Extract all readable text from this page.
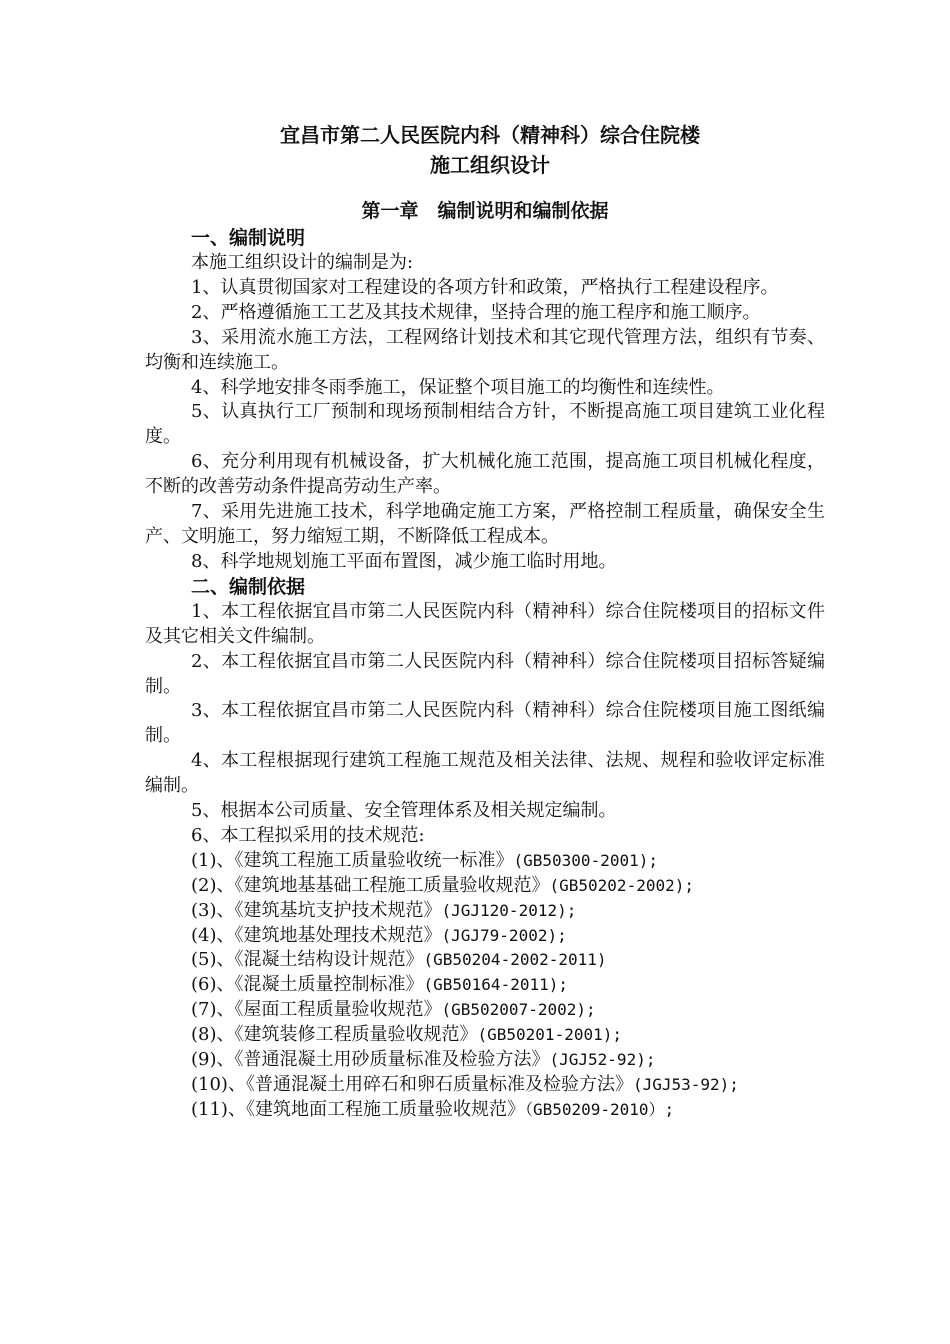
宜昌市第二人民医院内科（精神科）综合住院楼
施工组织设计
第一章　编制说明和编制依据
一、编制说明

本施工组织设计的编制是为:

1、认真贯彻国家对工程建设的各项方针和政策，严格执行工程建设程序。

2、严格遵循施工工艺及其技术规律，坚持合理的施工程序和施工顺序。

3、采用流水施工方法，工程网络计划技术和其它现代管理方法，组织有节奏、均衡和连续施工。

4、科学地安排冬雨季施工，保证整个项目施工的均衡性和连续性。

5、认真执行工厂预制和现场预制相结合方针，不断提高施工项目建筑工业化程度。

6、充分利用现有机械设备，扩大机械化施工范围，提高施工项目机械化程度，不断的改善劳动条件提高劳动生产率。

7、采用先进施工技术，科学地确定施工方案，严格控制工程质量，确保安全生产、文明施工，努力缩短工期，不断降低工程成本。

8、科学地规划施工平面布置图，减少施工临时用地。

二、编制依据

1、本工程依据宜昌市第二人民医院内科（精神科）综合住院楼项目的招标文件及其它相关文件编制。

2、本工程依据宜昌市第二人民医院内科（精神科）综合住院楼项目招标答疑编制。

3、本工程依据宜昌市第二人民医院内科（精神科）综合住院楼项目施工图纸编制。

4、本工程根据现行建筑工程施工规范及相关法律、法规、规程和验收评定标准编制。

5、根据本公司质量、安全管理体系及相关规定编制。

6、本工程拟采用的技术规范:

(1)、《建筑工程施工质量验收统一标准》(GB50300-2001);

(2)、《建筑地基基础工程施工质量验收规范》(GB50202-2002);

(3)、《建筑基坑支护技术规范》(JGJ120-2012);

(4)、《建筑地基处理技术规范》(JGJ79-2002);

(5)、《混凝土结构设计规范》(GB50204-2002-2011)

(6)、《混凝土质量控制标准》(GB50164-2011);

(7)、《屋面工程质量验收规范》(GB502007-2002);

(8)、《建筑装修工程质量验收规范》(GB50201-2001);

(9)、《普通混凝土用砂质量标准及检验方法》(JGJ52-92);

(10)、《普通混凝土用碎石和卵石质量标准及检验方法》(JGJ53-92);

(11)、《建筑地面工程施工质量验收规范》（GB50209-2010）;
